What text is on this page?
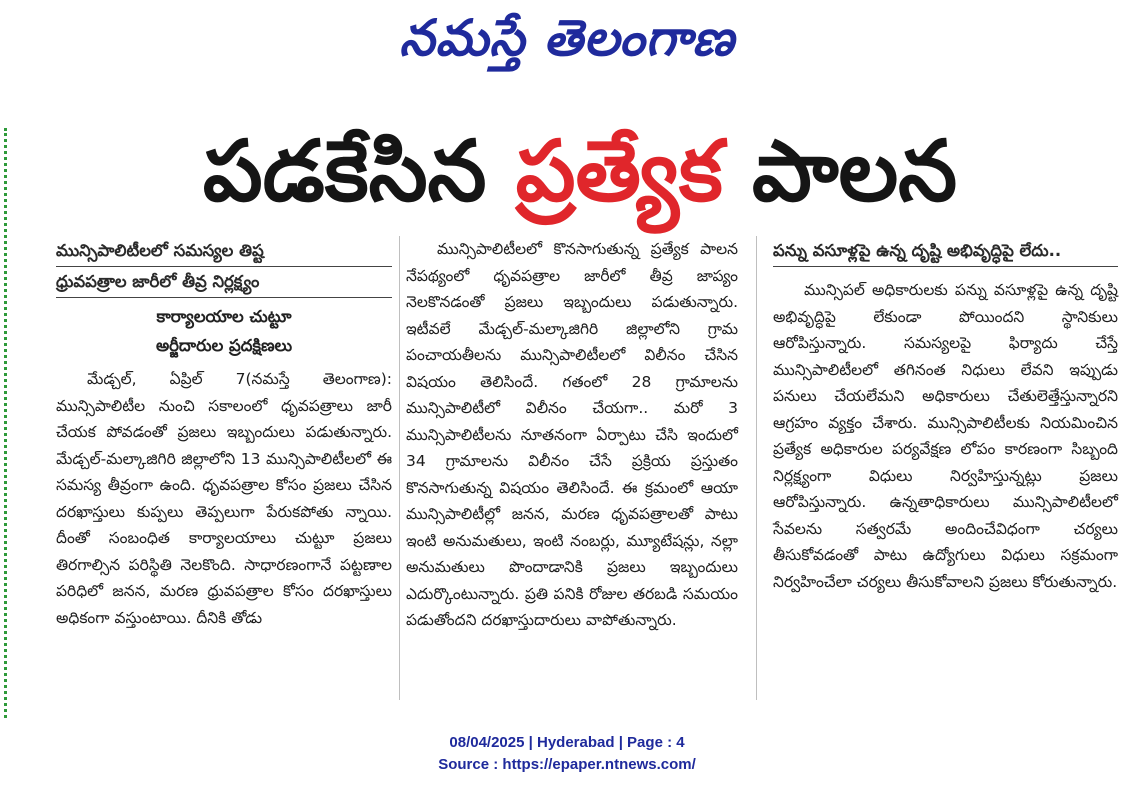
నమస్తే తెలంగాణ
పడకేసిన ప్రత్యేక పాలన
మున్సిపాలిటీలలో సమస్యల తిష్ట
ధ్రువపత్రాల జారీలో తీవ్ర నిర్లక్ష్యం
కార్యాలయాల చుట్టూ
అర్జీదారుల ప్రదక్షిణలు

మేడ్చల్, ఏప్రిల్ 7(నమస్తే తెలంగాణ): మున్సిపాలిటీల నుంచి సకాలంలో ధృవపత్రాలు జారీ చేయక పోవడంతో ప్రజలు ఇబ్బందులు పడుతున్నారు. మేడ్చల్-మల్కాజిగిరి జిల్లాలోని 13 మున్సిపాలిటీలలో ఈ సమస్య తీవ్రంగా ఉంది. ధృవపత్రాల కోసం ప్రజలు చేసిన దరఖాస్తులు కుప్పలు తెప్పలుగా పేరుకపోతు న్నాయి. దీంతో సంబంధిత కార్యాలయాలు చుట్టూ ప్రజలు తిరగాల్సిన పరిస్థితి నెలకొంది. సాధారణంగానే పట్టణాల పరిధిలో జనన, మరణ ధ్రువపత్రాల కోసం దరఖాస్తులు అధికంగా వస్తుంటాయి. దీనికి తోడు

మున్సిపాలిటీలలో కొనసాగుతున్న ప్రత్యేక పాలన నేపథ్యంలో ధృవపత్రాల జారీలో తీవ్ర జాప్యం నెలకొనడంతో ప్రజలు ఇబ్బందులు పడుతున్నారు. ఇటీవలే మేడ్చల్-మల్కాజిగిరి జిల్లాలోని గ్రామ పంచాయతీలను మున్సిపాలిటీలలో విలీనం చేసిన విషయం తెలిసిందే. గతంలో 28 గ్రామాలను మున్సిపాలిటీలో విలీనం చేయగా.. మరో 3 మున్సిపాలిటీలను నూతనంగా ఏర్పాటు చేసి ఇందులో 34 గ్రామాలను విలీనం చేసే ప్రక్రియ ప్రస్తుతం కొనసాగుతున్న విషయం తెలిసిందే. ఈ క్రమంలో ఆయా మున్సిపాలిటీల్లో జనన, మరణ ధృవపత్రాలతో పాటు ఇంటి అనుమతులు, ఇంటి నంబర్లు, మ్యూటేషన్లు, నల్లా అనుమతులు పొందాడానికి ప్రజలు ఇబ్బందులు ఎదుర్కొంటున్నారు. ప్రతి పనికి రోజుల తరబడి సమయం పడుతోందని దరఖాస్తుదారులు వాపోతున్నారు.

పన్ను వసూళ్లపై ఉన్న దృష్టి అభివృద్ధిపై లేదు..

మున్సిపల్ అధికారులకు పన్ను వసూళ్లపై ఉన్న దృష్టి అభివృద్ధిపై లేకుండా పోయిందని స్థానికులు ఆరోపిస్తున్నారు. సమస్యలపై ఫిర్యాదు చేస్తే మున్సిపాలిటీలలో తగినంత నిధులు లేవని ఇప్పుడు పనులు చేయలేమని అధికారులు చేతులెత్తేస్తున్నారని ఆగ్రహం వ్యక్తం చేశారు. మున్సిపాలిటీలకు నియమించిన ప్రత్యేక అధికారుల పర్యవేక్షణ లోపం కారణంగా సిబ్బంది నిర్లక్ష్యంగా విధులు నిర్వహిస్తున్నట్లు ప్రజలు ఆరోపిస్తున్నారు. ఉన్నతాధికారులు మున్సిపాలిటీలలో సేవలను సత్వరమే అందించేవిధంగా చర్యలు తీసుకోవడంతో పాటు ఉద్యోగులు విధులు సక్రమంగా నిర్వహించేలా చర్యలు తీసుకోవాలని ప్రజలు కోరుతున్నారు.

08/04/2025 | Hyderabad | Page : 4
Source : https://epaper.ntnews.com/
